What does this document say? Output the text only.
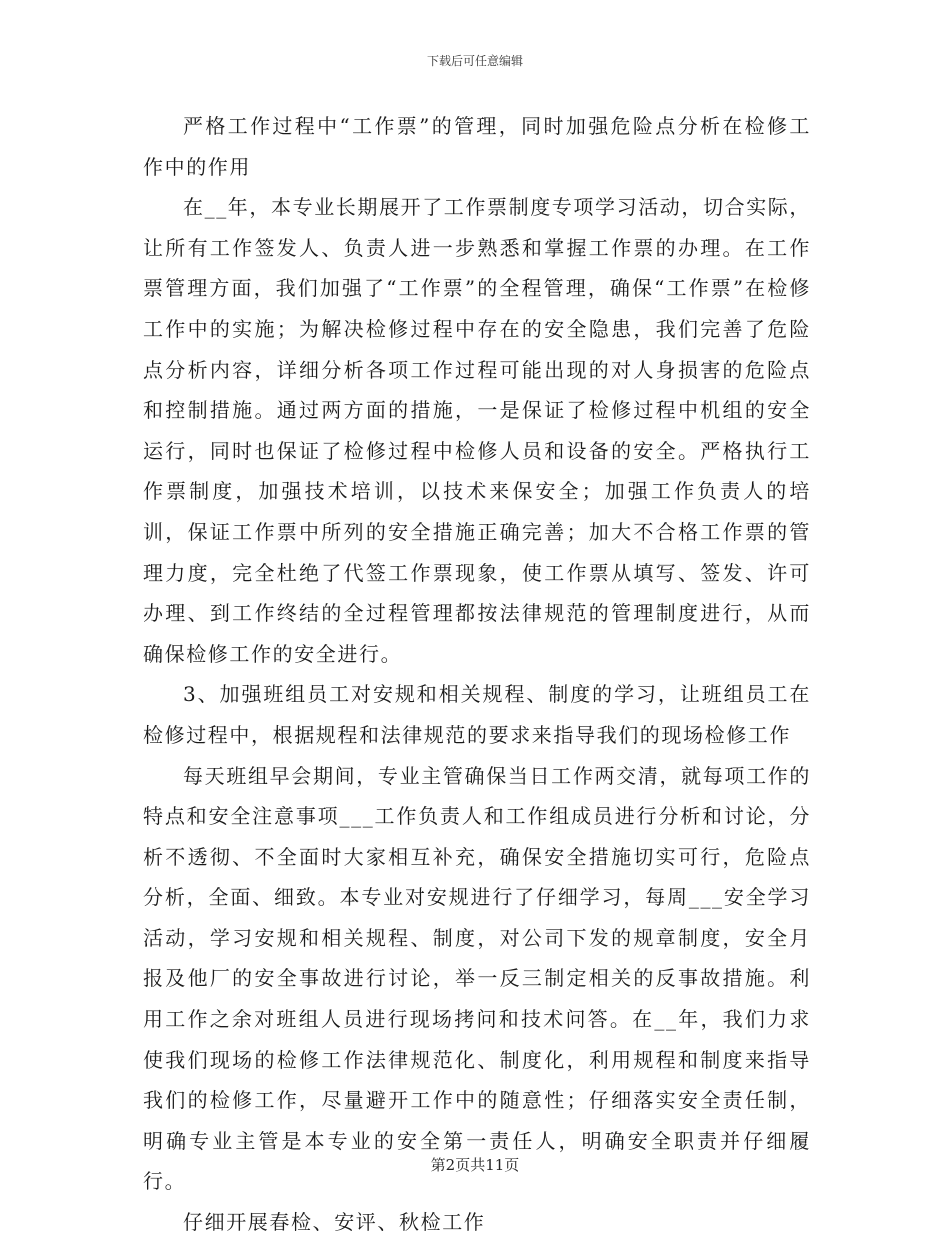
下载后可任意编辑

严格工作过程中“工作票”的管理，同时加强危险点分析在检修工作中的作用

在__年，本专业长期展开了工作票制度专项学习活动，切合实际，让所有工作签发人、负责人进一步熟悉和掌握工作票的办理。在工作票管理方面，我们加强了“工作票”的全程管理，确保“工作票”在检修工作中的实施；为解决检修过程中存在的安全隐患，我们完善了危险点分析内容，详细分析各项工作过程可能出现的对人身损害的危险点和控制措施。通过两方面的措施，一是保证了检修过程中机组的安全运行，同时也保证了检修过程中检修人员和设备的安全。严格执行工作票制度，加强技术培训，以技术来保安全；加强工作负责人的培训，保证工作票中所列的安全措施正确完善；加大不合格工作票的管理力度，完全杜绝了代签工作票现象，使工作票从填写、签发、许可办理、到工作终结的全过程管理都按法律规范的管理制度进行，从而确保检修工作的安全进行。

3、加强班组员工对安规和相关规程、制度的学习，让班组员工在检修过程中，根据规程和法律规范的要求来指导我们的现场检修工作

每天班组早会期间，专业主管确保当日工作两交清，就每项工作的特点和安全注意事项___工作负责人和工作组成员进行分析和讨论，分析不透彻、不全面时大家相互补充，确保安全措施切实可行，危险点分析，全面、细致。本专业对安规进行了仔细学习，每周___安全学习活动，学习安规和相关规程、制度，对公司下发的规章制度，安全月报及他厂的安全事故进行讨论，举一反三制定相关的反事故措施。利用工作之余对班组人员进行现场拷问和技术问答。在__年，我们力求使我们现场的检修工作法律规范化、制度化，利用规程和制度来指导我们的检修工作，尽量避开工作中的随意性；仔细落实安全责任制，明确专业主管是本专业的安全第一责任人，明确安全职责并仔细履行。

仔细开展春检、安评、秋检工作

第2页共11页
